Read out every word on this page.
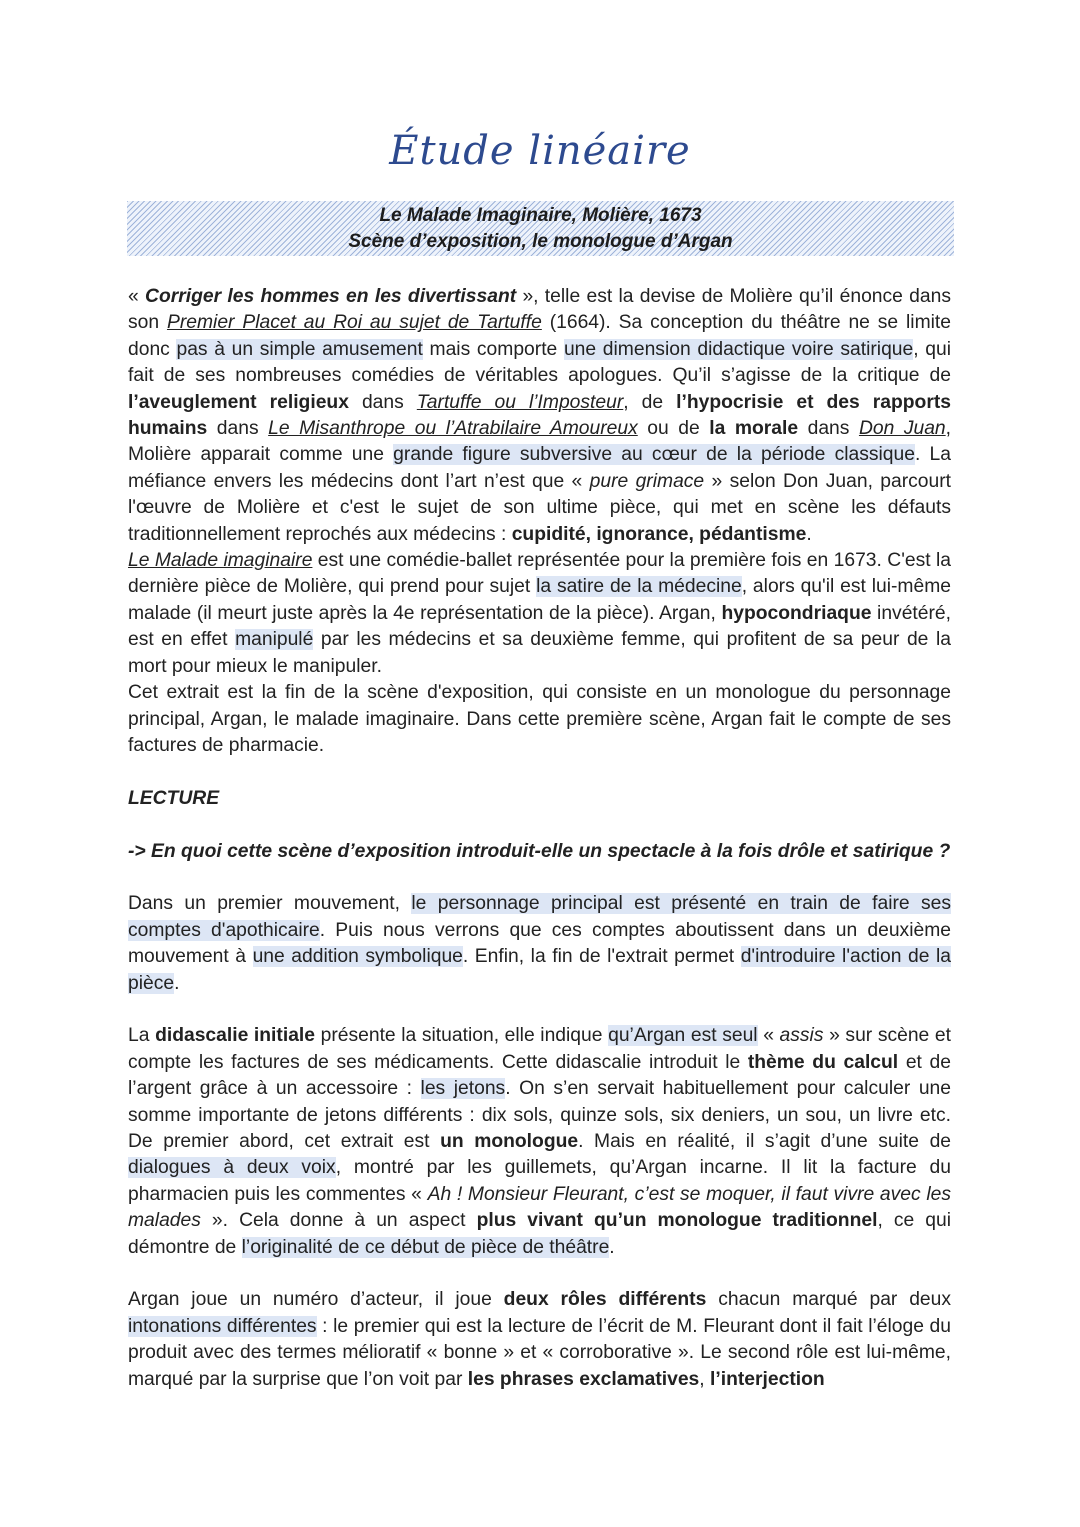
Étude linéaire
Le Malade Imaginaire, Molière, 1673
Scène d’exposition, le monologue d’Argan

« Corriger les hommes en les divertissant », telle est la devise de Molière qu’il énonce dans son Premier Placet au Roi au sujet de Tartuffe (1664). Sa conception du théâtre ne se limite donc pas à un simple amusement mais comporte une dimension didactique voire satirique, qui fait de ses nombreuses comédies de véritables apologues. Qu’il s’agisse de la critique de l’aveuglement religieux dans Tartuffe ou l’Imposteur, de l’hypocrisie et des rapports humains dans Le Misanthrope ou l’Atrabilaire Amoureux ou de la morale dans Don Juan, Molière apparait comme une grande figure subversive au cœur de la période classique. La méfiance envers les médecins dont l’art n’est que « pure grimace » selon Don Juan, parcourt l'œuvre de Molière et c'est le sujet de son ultime pièce, qui met en scène les défauts traditionnellement reprochés aux médecins : cupidité, ignorance, pédantisme.

Le Malade imaginaire est une comédie-ballet représentée pour la première fois en 1673. C'est la dernière pièce de Molière, qui prend pour sujet la satire de la médecine, alors qu'il est lui-même malade (il meurt juste après la 4e représentation de la pièce). Argan, hypocondriaque invétéré, est en effet manipulé par les médecins et sa deuxième femme, qui profitent de sa peur de la mort pour mieux le manipuler.

Cet extrait est la fin de la scène d'exposition, qui consiste en un monologue du personnage principal, Argan, le malade imaginaire. Dans cette première scène, Argan fait le compte de ses factures de pharmacie.

LECTURE

-> En quoi cette scène d’exposition introduit-elle un spectacle à la fois drôle et satirique ?

Dans un premier mouvement, le personnage principal est présenté en train de faire ses comptes d'apothicaire. Puis nous verrons que ces comptes aboutissent dans un deuxième mouvement à une addition symbolique. Enfin, la fin de l'extrait permet d'introduire l'action de la pièce.

La didascalie initiale présente la situation, elle indique qu’Argan est seul « assis » sur scène et compte les factures de ses médicaments. Cette didascalie introduit le thème du calcul et de l’argent grâce à un accessoire : les jetons. On s’en servait habituellement pour calculer une somme importante de jetons différents : dix sols, quinze sols, six deniers, un sou, un livre etc. De premier abord, cet extrait est un monologue. Mais en réalité, il s’agit d’une suite de dialogues à deux voix, montré par les guillemets, qu’Argan incarne. Il lit la facture du pharmacien puis les commentes « Ah ! Monsieur Fleurant, c’est se moquer, il faut vivre avec les malades ». Cela donne à un aspect plus vivant qu’un monologue traditionnel, ce qui démontre de l’originalité de ce début de pièce de théâtre.

Argan joue un numéro d’acteur, il joue deux rôles différents chacun marqué par deux intonations différentes : le premier qui est la lecture de l’écrit de M. Fleurant dont il fait l’éloge du produit avec des termes mélioratif « bonne » et « corroborative ». Le second rôle est lui-même, marqué par la surprise que l’on voit par les phrases exclamatives, l’interjection
